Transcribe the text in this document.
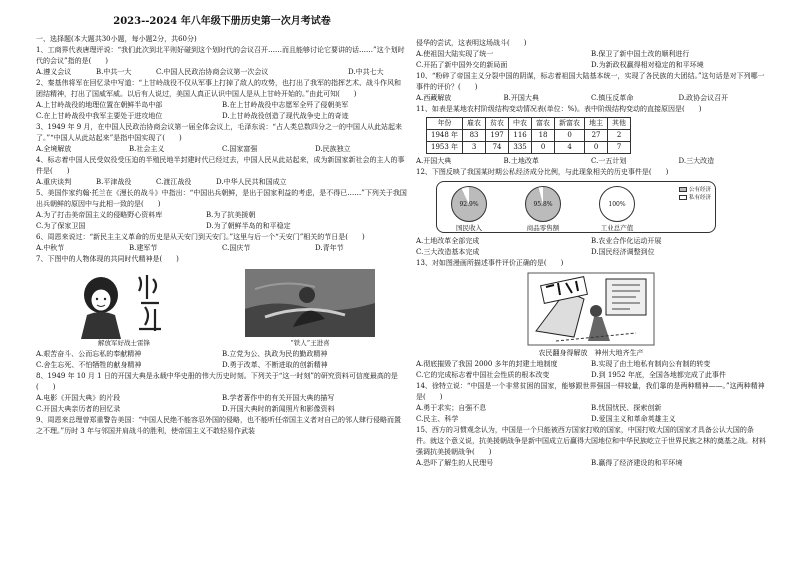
2023--2024 年八年级下册历史第一次月考试卷
一、选择题(本大题共30小题，每小题2分，共60分)
1、工商界代表唐理评说：“我们此次到北平则好碰到这个划时代的会议召开……而且能够讨论它要讲的话……”这个划时代的会议”指的是(　　)
A.遵义会议	B.中共一大	C.中国人民政治协商会议第一次会议	D.中共七大
2、秦基伟将军在回忆录中写道：“上甘岭战役不仅从军事上打掉了敌人的攻势，也打出了我军的指挥艺术、战斗作风和团结精神，打出了国威军威。以后有人说过，美国人真正认识中国人是从上甘岭开始的。”由此可知(　　)
A.上甘岭战役的地理位置在朝鲜半岛中部	B.在上甘岭战役中志愿军全歼了侵朝美军
C.在上甘岭战役中我军主要处于进攻地位	D.上甘岭战役创造了现代战争史上的奇迹
3、1949 年 9 月，在中国人民政治协商会议第一届全体会议上，毛泽东说：“占人类总数四分之一的中国人从此站起来了。”“中国人从此站起来”是指中国实现了(　　)
A.全境解放	B.社会主义	C.国家富强	D.民族独立
4、标志着中国人民受奴役受压迫的半殖民地半封建时代已经过去，中国人民从此站起来，成为新国家新社会的主人的事件是(　　)
A.重庆谈判	B.平津战役	C.渡江战役	D.中华人民共和国成立
5、美国作家约翰·托兰在《漫长的战斗》中指出：“中国出兵朝鲜，是出于国家利益的考虑，是不得已……”下列关于我国出兵朝鲜的原因中与此相一致的是(　　)
A.为了打击美帝国主义的侵略野心资料库	B.为了抗美援朝
C.为了保家卫国	D.为了朝鲜半岛的和平稳定
6、周恩来说过：“新民主主义革命的历史是从天安门到天安门。”这里与后一个“天安门”相关的节日是(　　)
A.中秋节	B.建军节	C.国庆节	D.青年节
7、下图中的人物体现的共同时代精神是(　　)
解放军好战士雷锋	“铁人”王进喜
A.艰苦奋斗、公而忘私的奉献精神	B.立党为公、执政为民的勤政精神
C.舍生忘死、不怕牺牲的献身精神	D.勇于改革、不断进取的创新精神
8、1949 年 10 月 1 日的开国大典是永载中华史册的伟大历史时刻。下列关于“这一时刻”的研究资料可信度最高的是(　　)
A.电影《开国大典》的片段	B.学者著作中的有关开国大典的描写
C.开国大典亲历者的回忆录	D.开国大典时的新闻照片和影像资料
9、周恩来总理曾郑重警告美国：“中国人民绝不能容忍外国的侵略，也不能听任帝国主义者对自己的邻人肆行侵略而置之不理。”历时 3 年与邻国并肩战斗的胜利，使帝国主义不敢轻易作武装
侵华的尝试，这表明这场战斗(　　)
A.使祖国大陆实现了统一	B.保卫了新中国土改的顺利进行
C.开拓了新中国外交的新局面	D.为新政权赢得相对稳定的和平环境
10、“粉碎了帝国主义分裂中国的阴谋，标志着祖国大陆基本统一，实现了各民族的大团结。”这句话是对下列哪一事件的评价？(　　)
A.西藏解放	B.开国大典	C.镇压反革命	D.政协会议召开
11、如表是某地农村阶级结构变动情况表(单位：%)。表中阶级结构变动的直接原因是(　　)
年份	雇农	贫农	中农	富农	新富农	地主	其他
1948 年	83	197	116	18	0	27	2
1953 年	3	74	335	0	4	0	7
A.开国大典	B.土地改革	C.一五计划	D.三大改造
12、下图反映了我国某时期公私经济成分比例，与此现象相关的历史事件是(　　)
92.9%
国民收入
95.8%
商品零售额
100%
工业总产值
公有经济
私有经济
A.土地改革全部完成	B.农业合作化运动开展
C.三大改造基本完成	D.国民经济调整到位
13、对如图漫画所描述事件评价正确的是(　　)
农民翻身得解放　神州大地齐生产
A.彻底摧毁了我国 2000 多年的封建土地制度	B.实现了由土地私有制向公有制的转变
C.它的完成标志着中国社会性质的根本改变	D.到 1952 年底，全国各地都完成了此事件
14、徐特立说：“中国是一个非常贫困的国家，能够跟世界强国一样较量，我们靠的是两种精神——。”这两种精神是(　　)
A.勇于求实；自强不息	B.忧国忧民、探索创新
C.民主、科学	D.爱国主义和革命英雄主义
15、西方的习惯观念认为，中国是一个只能被西方国家打败的国家，中国打败大国的国家才具备公认大国的条件。就这个意义说，抗美援朝战争是新中国成立后赢得大国地位和中华民族屹立于世界民族之林的奠基之战。材料强调抗美援朝战争(　　)
A.恐吓了解生的人民理号	B.赢得了经济建设的和平环境
